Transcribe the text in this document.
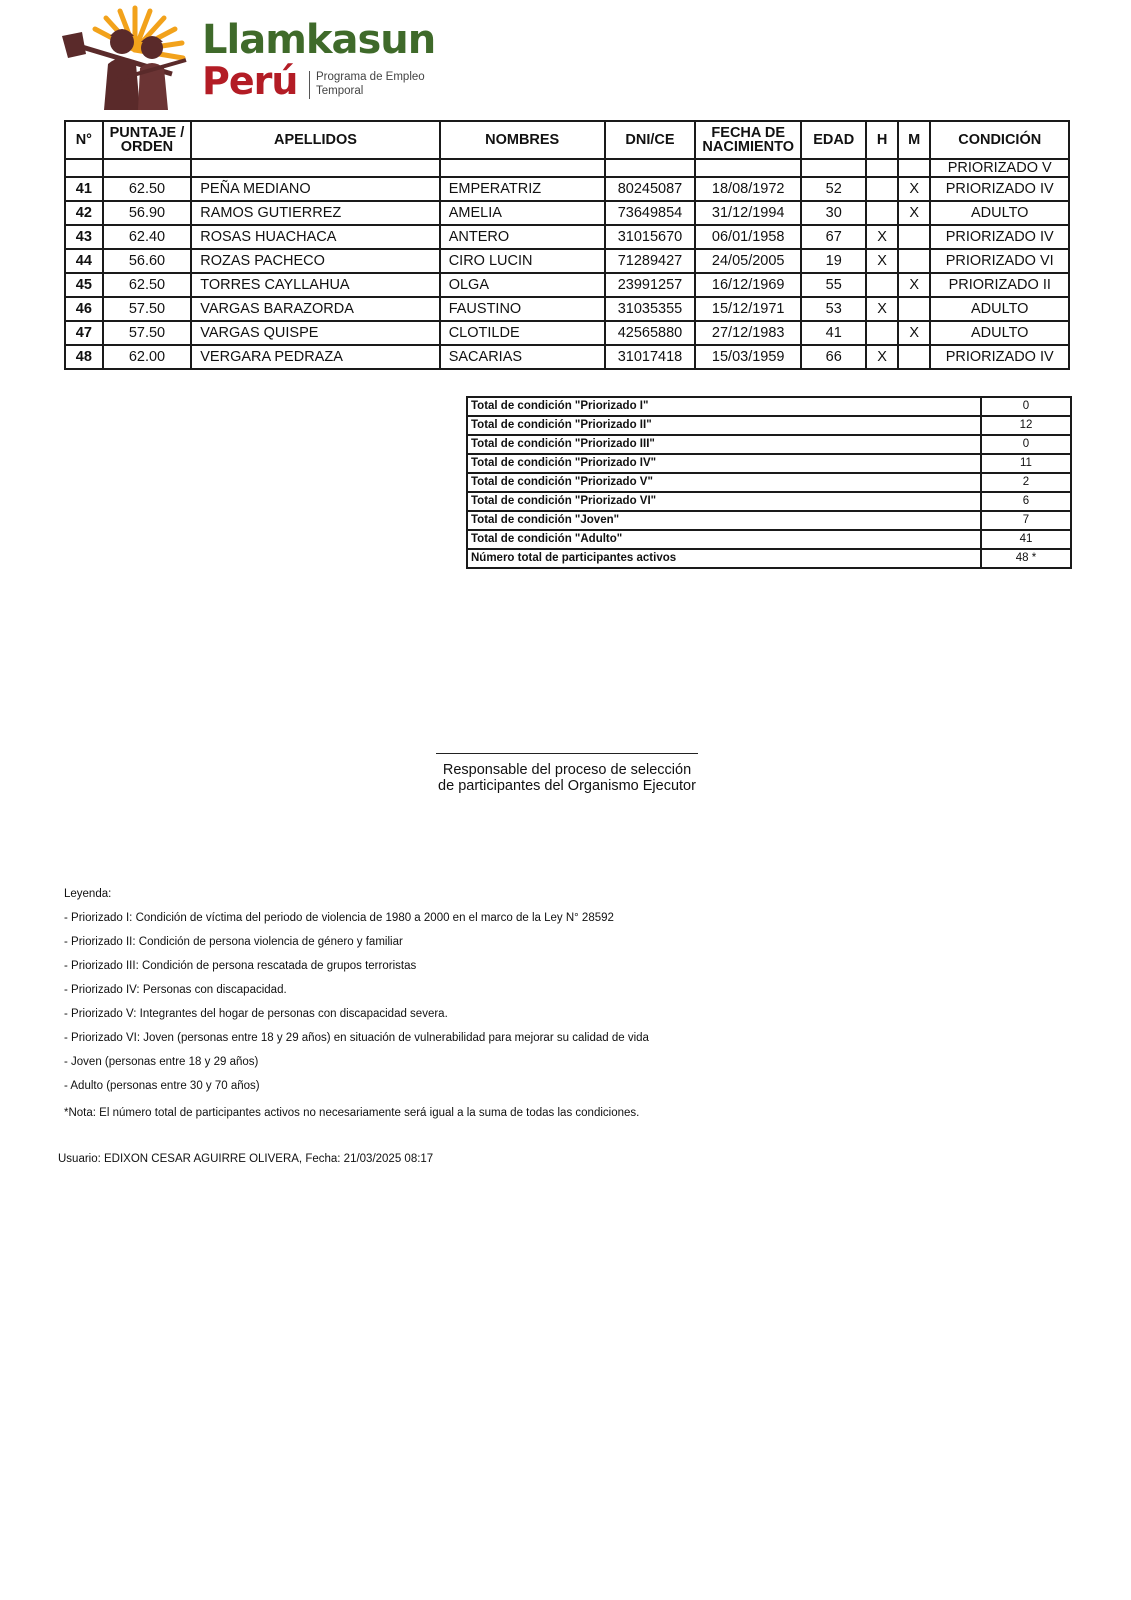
Llamkasun
Perú Programa de Empleo
Temporal
N°	PUNTAJE / ORDEN	APELLIDOS	NOMBRES	DNI/CE	FECHA DE NACIMIENTO	EDAD	H	M	CONDICIÓN
									PRIORIZADO V
41	62.50	PEÑA MEDIANO	EMPERATRIZ	80245087	18/08/1972	52		X	PRIORIZADO IV
42	56.90	RAMOS GUTIERREZ	AMELIA	73649854	31/12/1994	30		X	ADULTO
43	62.40	ROSAS HUACHACA	ANTERO	31015670	06/01/1958	67	X		PRIORIZADO IV
44	56.60	ROZAS PACHECO	CIRO LUCIN	71289427	24/05/2005	19	X		PRIORIZADO VI
45	62.50	TORRES CAYLLAHUA	OLGA	23991257	16/12/1969	55		X	PRIORIZADO II
46	57.50	VARGAS BARAZORDA	FAUSTINO	31035355	15/12/1971	53	X		ADULTO
47	57.50	VARGAS QUISPE	CLOTILDE	42565880	27/12/1983	41		X	ADULTO
48	62.00	VERGARA PEDRAZA	SACARIAS	31017418	15/03/1959	66	X		PRIORIZADO IV
Total de condición "Priorizado I"	0
Total de condición "Priorizado II"	12
Total de condición "Priorizado III"	0
Total de condición "Priorizado IV"	11
Total de condición "Priorizado V"	2
Total de condición "Priorizado VI"	6
Total de condición "Joven"	7
Total de condición "Adulto"	41
Número total de participantes activos	48 *
Responsable del proceso de selección
de participantes del Organismo Ejecutor
Leyenda:
- Priorizado I: Condición de víctima del periodo de violencia de 1980 a 2000 en el marco de la Ley N° 28592
- Priorizado II: Condición de persona violencia de género y familiar
- Priorizado III: Condición de persona rescatada de grupos terroristas
- Priorizado IV: Personas con discapacidad.
- Priorizado V: Integrantes del hogar de personas con discapacidad severa.
- Priorizado VI: Joven (personas entre 18 y 29 años) en situación de vulnerabilidad para mejorar su calidad de vida
- Joven (personas entre 18 y 29 años)
- Adulto (personas entre 30 y 70 años)
*Nota: El número total de participantes activos no necesariamente será igual a la suma de todas las condiciones.
Usuario: EDIXON CESAR AGUIRRE OLIVERA, Fecha: 21/03/2025 08:17
